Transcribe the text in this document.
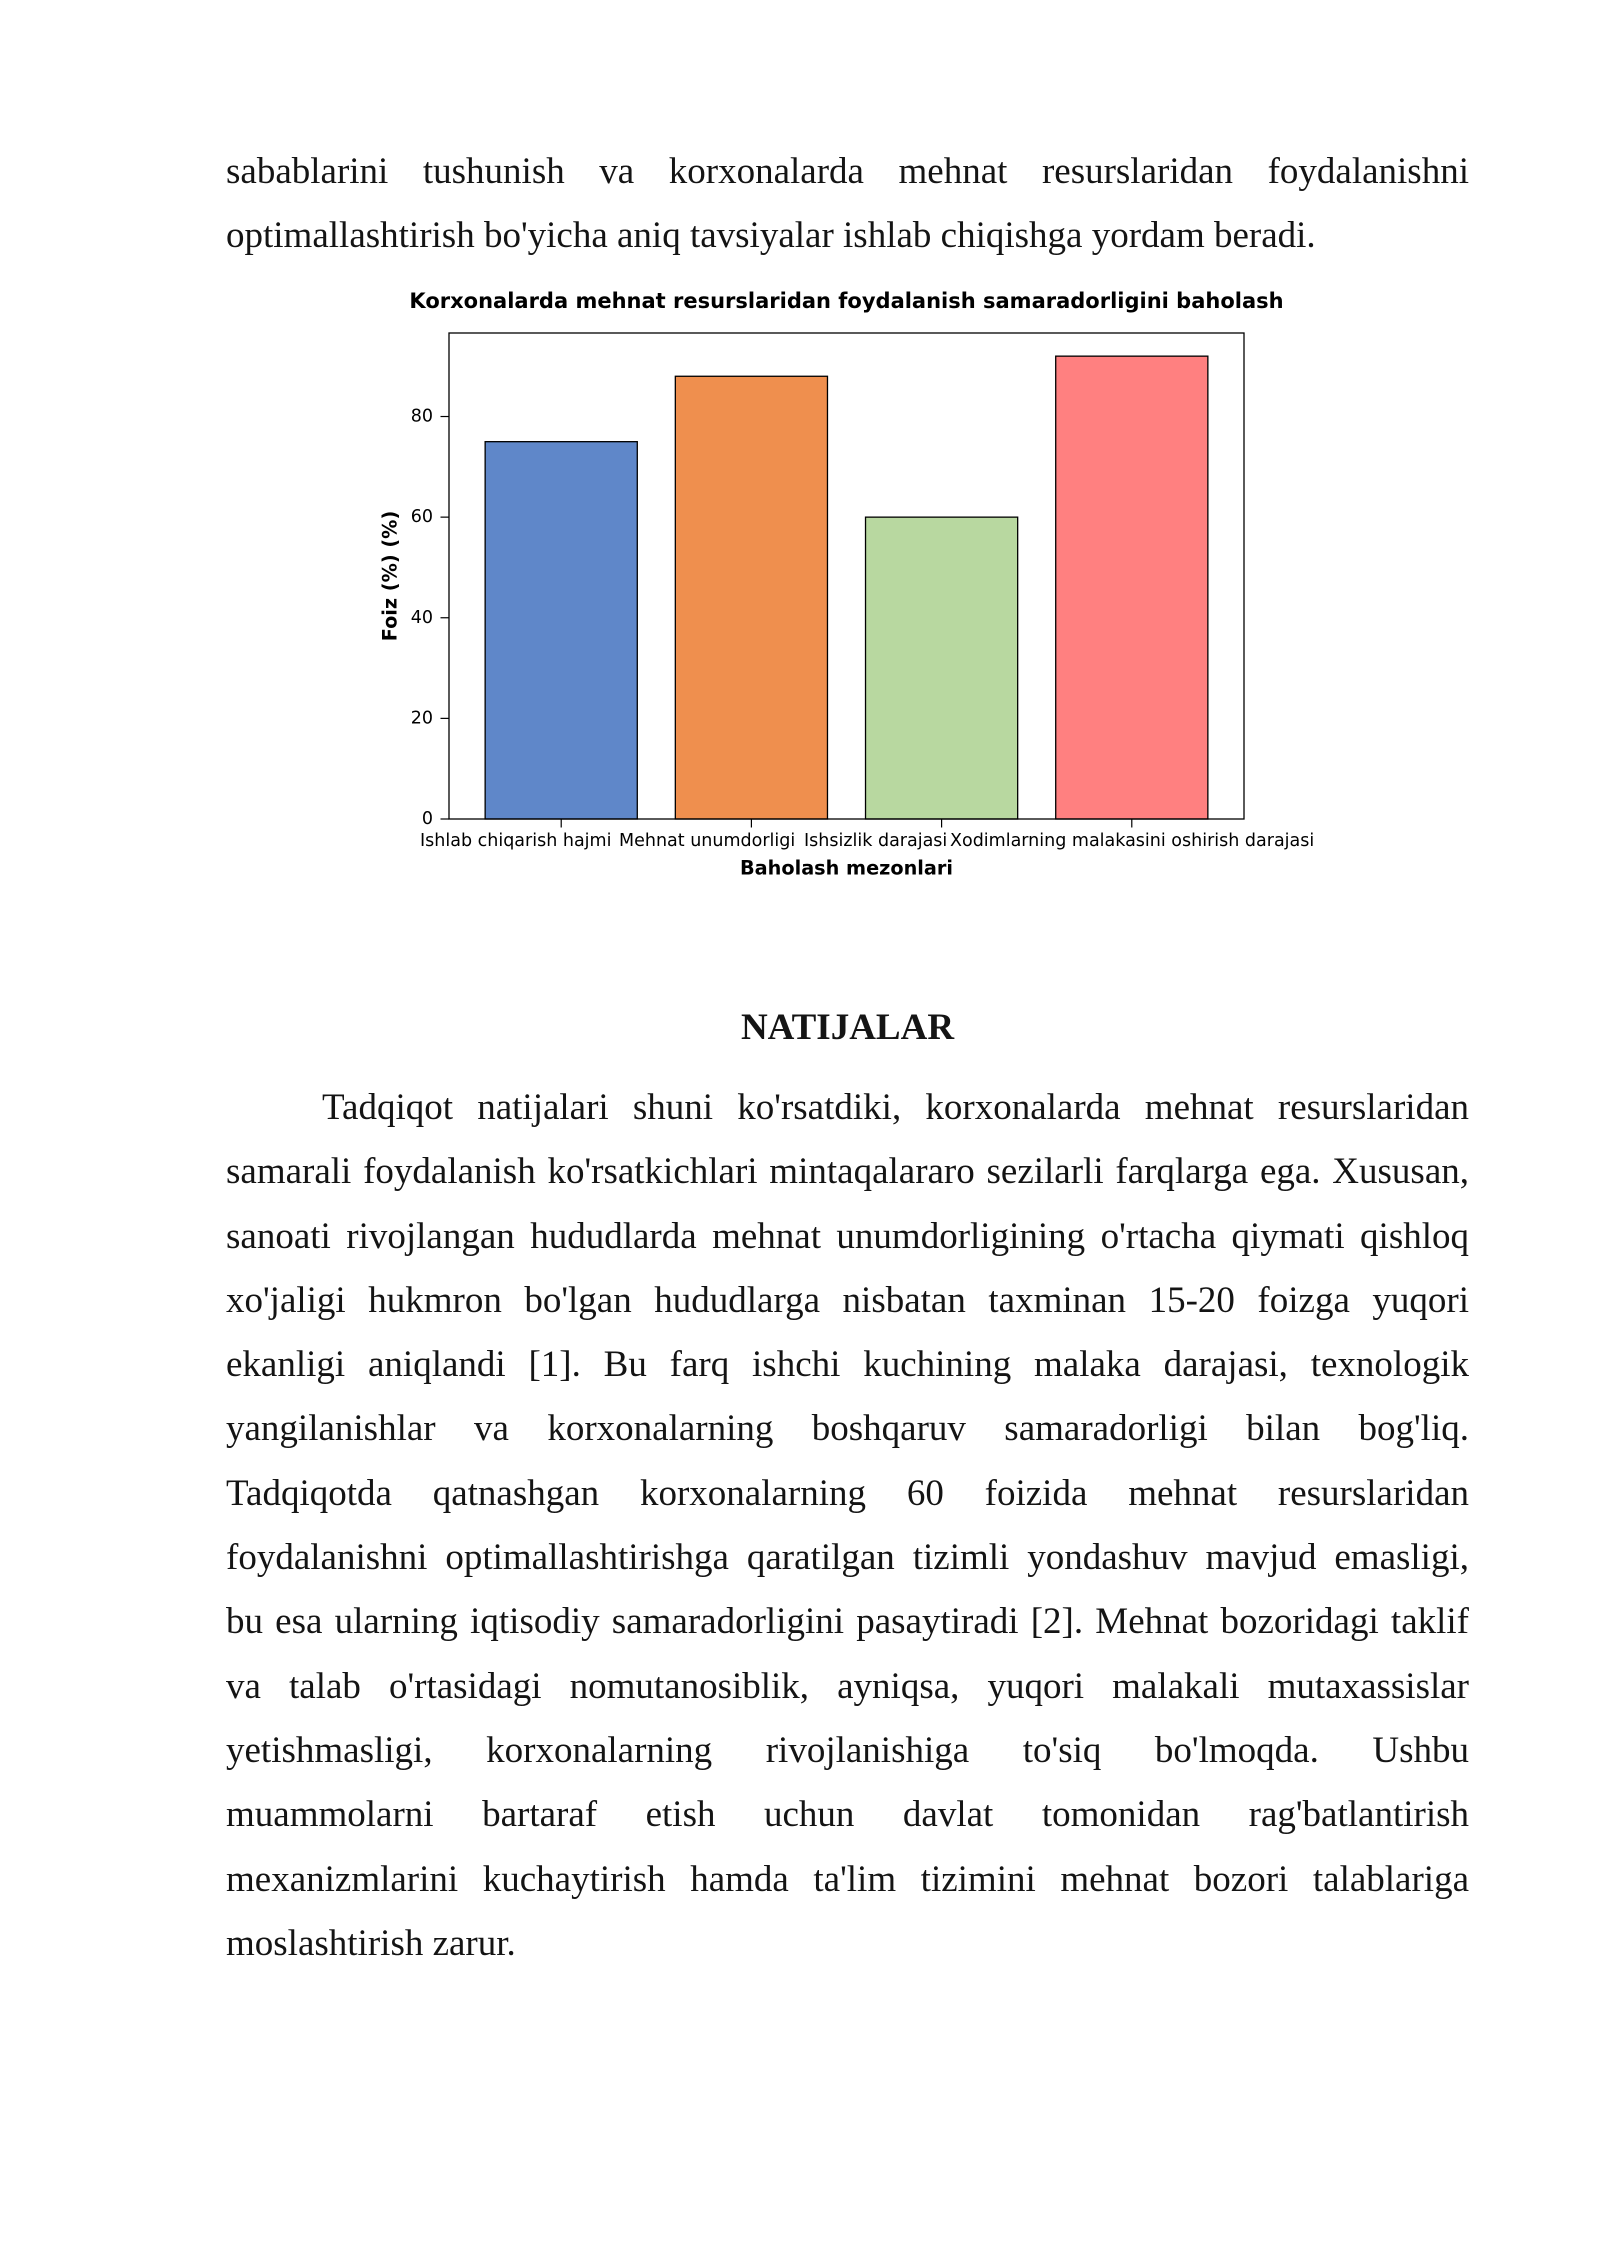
sabablarini tushunish va korxonalarda mehnat resurslaridan foydalanishni
optimallashtirish bo'yicha aniq tavsiyalar ishlab chiqishga yordam beradi.
Korxonalarda mehnat resurslaridan foydalanish samaradorligini baholash
0
20
40
60
80
Ishlab chiqarish hajmi Mehnat unumdorligi Ishsizlik darajasi Xodimlarning malakasini oshirish darajasi
Baholash mezonlari
Foiz (%) (%)
NATIJALAR
Tadqiqot natijalari shuni ko'rsatdiki, korxonalarda mehnat resurslaridan
samarali foydalanish ko'rsatkichlari mintaqalararo sezilarli farqlarga ega. Xususan,
sanoati rivojlangan hududlarda mehnat unumdorligining o'rtacha qiymati qishloq
xo'jaligi hukmron bo'lgan hududlarga nisbatan taxminan 15-20 foizga yuqori
ekanligi aniqlandi [1]. Bu farq ishchi kuchining malaka darajasi, texnologik
yangilanishlar va korxonalarning boshqaruv samaradorligi bilan bog'liq.
Tadqiqotda qatnashgan korxonalarning 60 foizida mehnat resurslaridan
foydalanishni optimallashtirishga qaratilgan tizimli yondashuv mavjud emasligi,
bu esa ularning iqtisodiy samaradorligini pasaytiradi [2]. Mehnat bozoridagi taklif
va talab o'rtasidagi nomutanosiblik, ayniqsa, yuqori malakali mutaxassislar
yetishmasligi, korxonalarning rivojlanishiga to'siq bo'lmoqda. Ushbu
muammolarni bartaraf etish uchun davlat tomonidan rag'batlantirish
mexanizmlarini kuchaytirish hamda ta'lim tizimini mehnat bozori talablariga
moslashtirish zarur.
